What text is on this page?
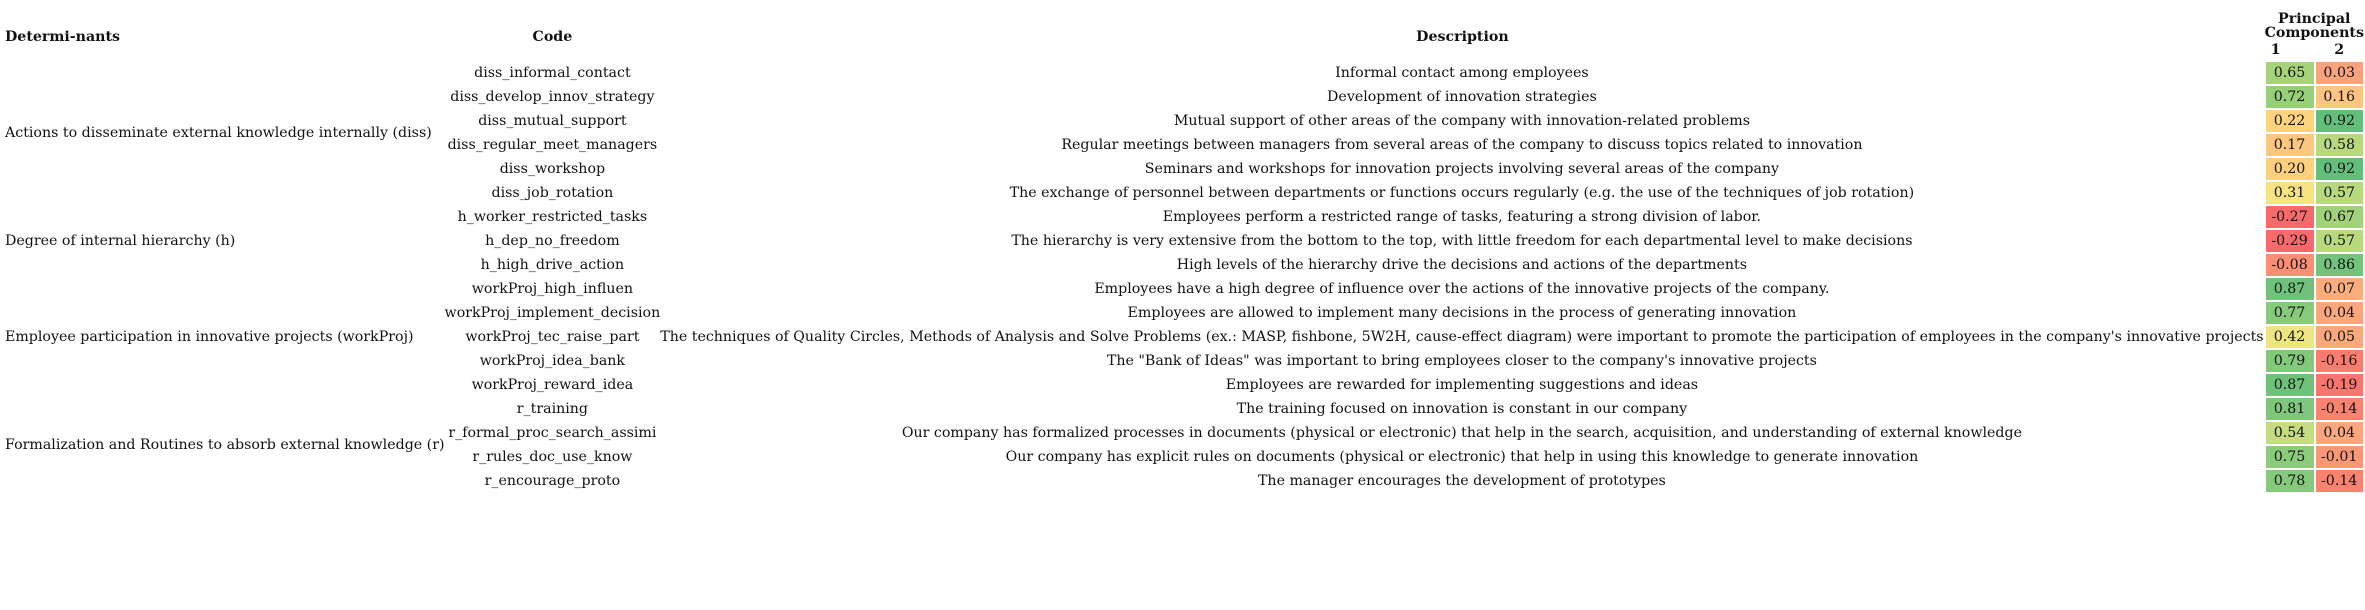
Determi-nants	Code	Description	Principal Components	
			1	2
Actions to disseminate external knowledge internally (diss)	diss_informal_contact	Informal contact among employees	0.65	0.03
	diss_develop_innov_strategy	Development of innovation strategies	0.72	0.16
	diss_mutual_support	Mutual support of other areas of the company with innovation-related problems	0.22	0.92
	diss_regular_meet_managers	Regular meetings between managers from several areas of the company to discuss topics related to innovation	0.17	0.58
	diss_workshop	Seminars and workshops for innovation projects involving several areas of the company	0.20	0.92
	diss_job_rotation	The exchange of personnel between departments or functions occurs regularly (e.g. the use of the techniques of job rotation)	0.31	0.57
Degree of internal hierarchy (h)	h_worker_restricted_tasks	Employees perform a restricted range of tasks, featuring a strong division of labor.	-0.27	0.67
	h_dep_no_freedom	The hierarchy is very extensive from the bottom to the top, with little freedom for each departmental level to make decisions	-0.29	0.57
	h_high_drive_action	High levels of the hierarchy drive the decisions and actions of the departments	-0.08	0.86
Employee participation in innovative projects (workProj)	workProj_high_influen	Employees have a high degree of influence over the actions of the innovative projects of the company.	0.87	0.07
	workProj_implement_decision	Employees are allowed to implement many decisions in the process of generating innovation	0.77	0.04
	workProj_tec_raise_part	The techniques of Quality Circles, Methods of Analysis and Solve Problems (ex.: MASP, fishbone, 5W2H, cause-effect diagram) were important to promote the participation of employees in the company's innovative projects	0.42	0.05
	workProj_idea_bank	The "Bank of Ideas" was important to bring employees closer to the company's innovative projects	0.79	-0.16
	workProj_reward_idea	Employees are rewarded for implementing suggestions and ideas	0.87	-0.19
Formalization and Routines to absorb external knowledge (r)	r_training	The training focused on innovation is constant in our company	0.81	-0.14
	r_formal_proc_search_assimi	Our company has formalized processes in documents (physical or electronic) that help in the search, acquisition, and understanding of external knowledge	0.54	0.04
	r_rules_doc_use_know	Our company has explicit rules on documents (physical or electronic) that help in using this knowledge to generate innovation	0.75	-0.01
	r_encourage_proto	The manager encourages the development of prototypes	0.78	-0.14
